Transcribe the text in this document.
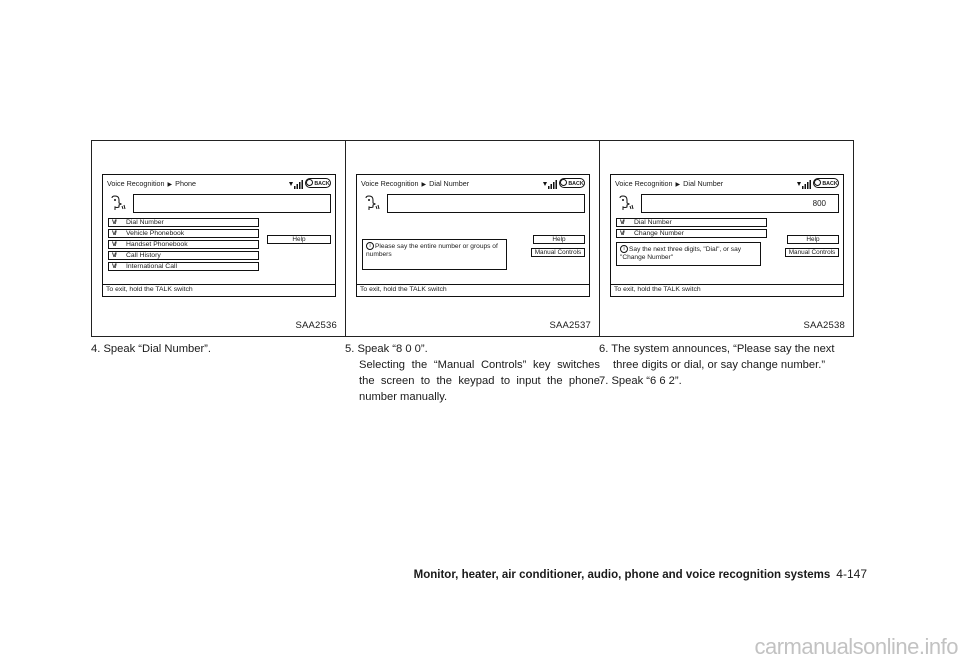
Voice Recognition ▶ Phone	BACK
V/ Dial Number
V/ Vehicle Phonebook
V/ Handset Phonebook
V/ Call History
V/ International Call
Help
To exit, hold the TALK switch
SAA2536
Voice Recognition ▶ Dial Number	BACK
i Please say the entire number or groups of numbers
Help
Manual Controls
To exit, hold the TALK switch
SAA2537
Voice Recognition ▶ Dial Number	BACK
800
V/ Dial Number
V/ Change Number
i Say the next three digits, "Dial", or say "Change Number"
Help
Manual Controls
To exit, hold the TALK switch
SAA2538

4. Speak “Dial Number”.	5. Speak “8 0 0”.

Selecting the “Manual Controls” key switches the screen to the keypad to input the phone number manually.

6. The system announces, “Please say the next three digits or dial, or say change number.”

7. Speak “6 6 2”.

Monitor, heater, air conditioner, audio, phone and voice recognition systems 4-147
carmanualsonline.info
